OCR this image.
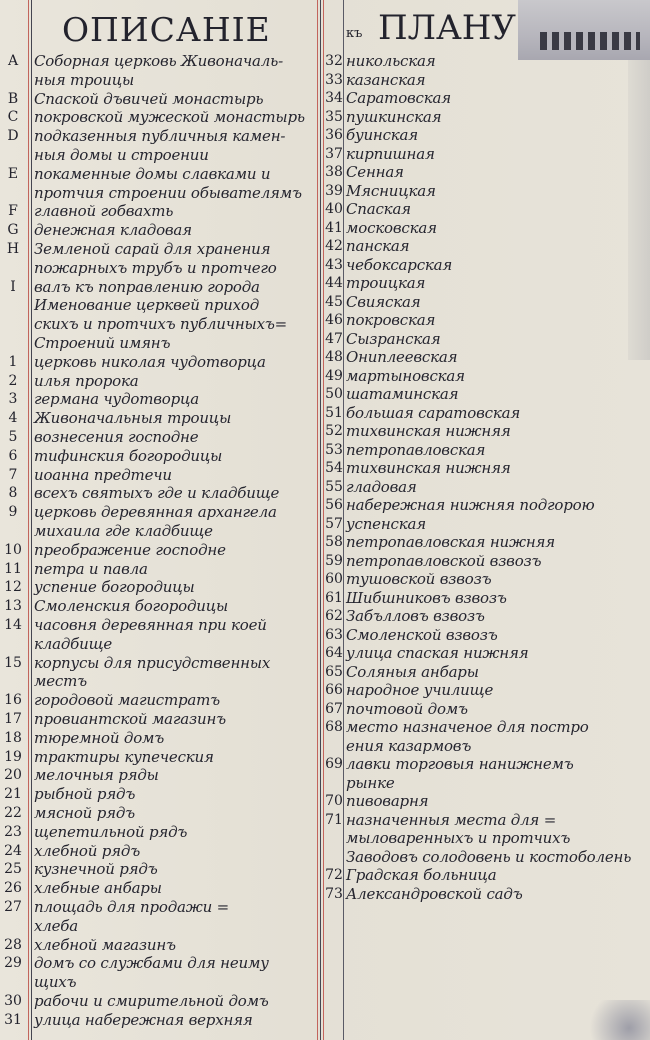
ОПИСАНІЕ	къ ПЛАНУ
A	Соборная церковь Живоначаль-
ныя троицы
B	Спаской дъвичей монастырь
C	покровской мужеской монастырь
D	подказенныя публичныя камен-
ныя домы и строении
E	покаменные домы славками и
протчия строении обывателямъ
F	главной гобвахть
G	денежная кладовая
H Земленой сарай для хранения
пожарныхъ трубъ и протчего
I	валъ къ поправлению города
Именование церквей приход
скихъ и протчихъ публичныхъ=
Строений имянъ
1	церковь николая чудотворца
2	илья пророка
3	германа чудотворца
4	Живоначальныя троицы
5	вознесения господне
6	тифинския богородицы
7	иоанна предтечи
8	всехъ святыхъ где и кладбище
9	церковь деревянная архангела
михаила где кладбище
10 преображение господне
11 петра и павла
12 успение богородицы
13 Смоленския богородицы
14 часовня деревянная при коей
кладбище
15 корпусы для присудственных
местъ
16 городовой магистратъ
17 провиантской магазинъ
18 тюремной домъ
19 трактиры купеческия
20 мелочныя ряды
21 рыбной рядъ
22 мясной рядъ
23 щепетильной рядъ
24 хлебной рядъ
25 кузнечной рядъ
26 хлебные анбары
27 площадь для продажи =
хлеба
28 хлебной магазинъ
29 домъ со службами для неиму
щихъ
30 рабочи и смирительной домъ
31 улица набережная верхняя
32 никольская
33 казанская
34 Саратовская
35 пушкинская
36 буинская
37 кирпишная
38 Сенная
39 Мясницкая
40 Спаская
41 московская
42 панская
43 чебоксарская
44 троицкая
45 Свияская
46 покровская
47 Сызранская
48 Ониплеевская
49 мартыновская
50 шатаминская
51 большая саратовская
52 тихвинская нижняя
53 петропавловская
54 тихвинская нижняя
55 гладовая
56 набережная нижняя подгорою
57 успенская
58 петропавловская нижняя
59 петропавловской взвозъ
60 тушовской взвозъ
61 Шибшниковъ взвозъ
62 Забълловъ взвозъ
63 Смоленской взвозъ
64 улица спаская нижняя
65 Соляныя анбары
66 народное училище
67 почтовой домъ
68 место назначеное для постро
ения казармовъ
69 лавки торговыя нанижнемъ
рынке
70 пивоварня
71 назначенныя места для =
мыловаренныхъ и протчихъ
Заводовъ солодовень и костоболень
72 Градская больница
73 Александровской садъ
